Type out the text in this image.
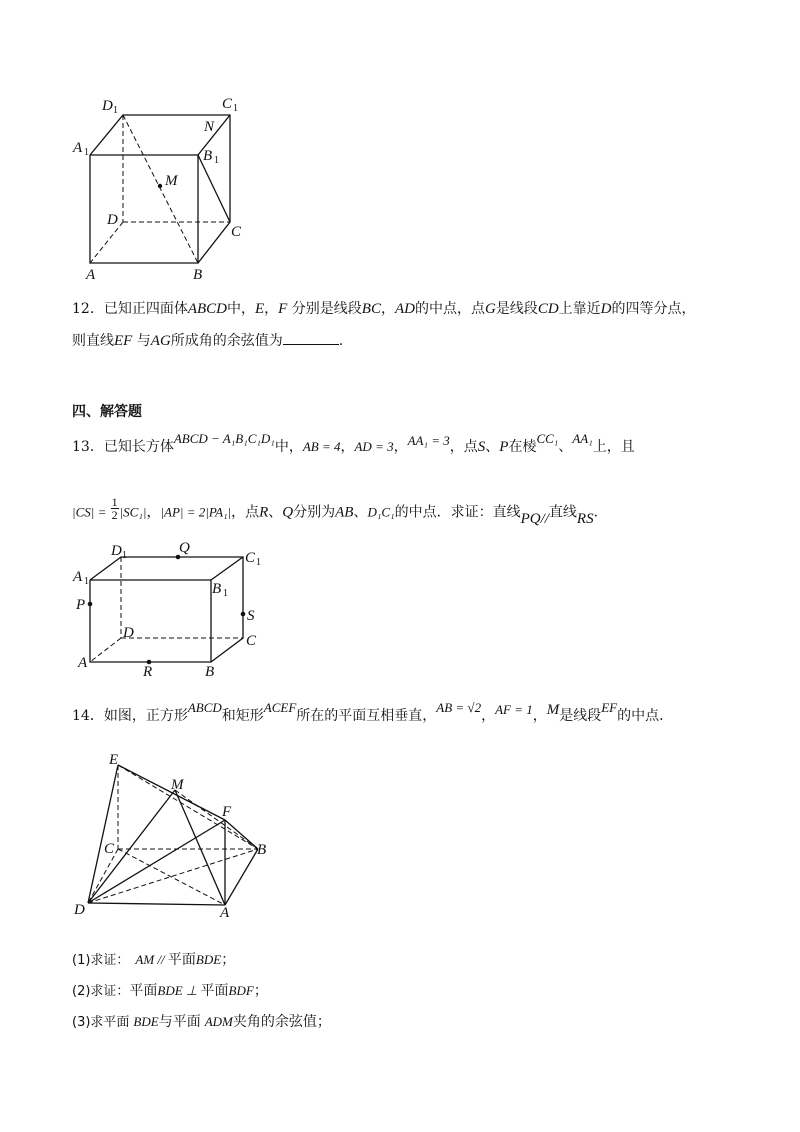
D 1	C 1
A 1	B 1
N
M
D
C
A	B
12．已知正四面体ABCD中，E，F 分别是线段BC，AD的中点，点G是线段CD上靠近D的四等分点，
则直线EF 与AG所成角的余弦值为	.
四、解答题
13．已知长方体ABCD − A₁B₁C₁D₁中，AB = 4，AD = 3，AA₁ = 3，点S、P在棱CC₁、AA₁上，且
$|CS| = \frac{1}{2} |SC_1|$，|AP| = 2|PA₁|，点R、Q分别为AB、D₁C₁的中点．求证：直线PQ//直线RS．
D 1	Q
C 1
A 1	B 1
P
S
D	C
A
R	B
14．如图，正方形ABCD和矩形ACEF所在的平面互相垂直，AB = √2，AF = 1，M是线段EF的中点.
E
M
F
C	B
D	A
(1)求证： AM // 平面BDE；
(2)求证：平面BDE ⊥ 平面BDF；
(3)求平面 BDE与平面 ADM夹角的余弦值；
